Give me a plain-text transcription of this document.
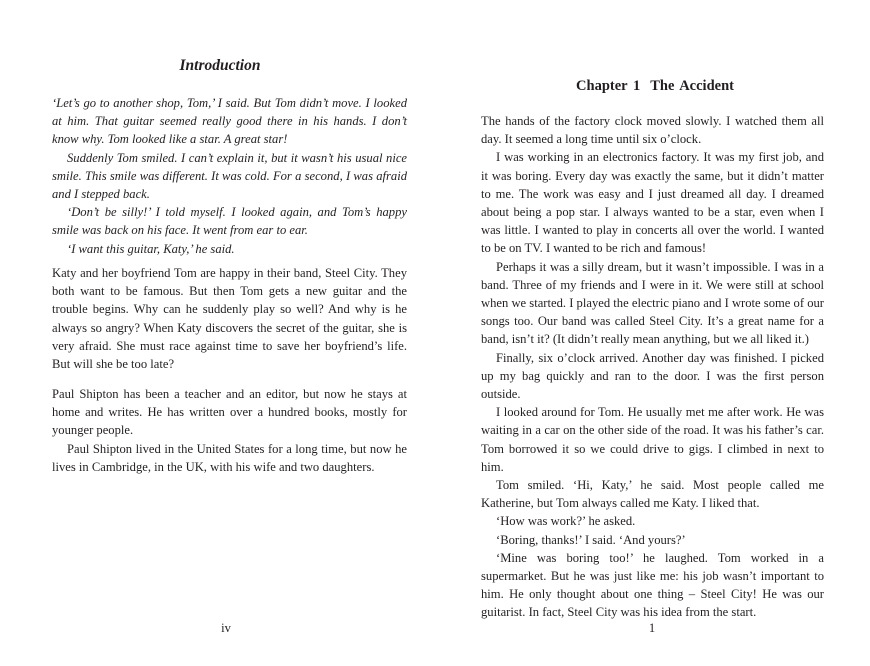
Introduction

‘Let’s go to another shop, Tom,’ I said. But Tom didn’t move. I looked at him. That guitar seemed really good there in his hands. I don’t know why. Tom looked like a star. A great star!

Suddenly Tom smiled. I can’t explain it, but it wasn’t his usual nice smile. This smile was different. It was cold. For a second, I was afraid and I stepped back.

‘Don’t be silly!’ I told myself. I looked again, and Tom’s happy smile was back on his face. It went from ear to ear.

‘I want this guitar, Katy,’ he said.

Katy and her boyfriend Tom are happy in their band, Steel City. They both want to be famous. But then Tom gets a new guitar and the trouble begins. Why can he suddenly play so well? And why is he always so angry? When Katy discovers the secret of the guitar, she is very afraid. She must race against time to save her boyfriend’s life. But will she be too late?

Paul Shipton has been a teacher and an editor, but now he stays at home and writes. He has written over a hundred books, mostly for younger people.

Paul Shipton lived in the United States for a long time, but now he lives in Cambridge, in the UK, with his wife and two daughters.

iv

Chapter 1 The Accident

The hands of the factory clock moved slowly. I watched them all day. It seemed a long time until six o’clock.

I was working in an electronics factory. It was my first job, and it was boring. Every day was exactly the same, but it didn’t matter to me. The work was easy and I just dreamed all day. I dreamed about being a pop star. I always wanted to be a star, even when I was little. I wanted to play in concerts all over the world. I wanted to be on TV. I wanted to be rich and famous!

Perhaps it was a silly dream, but it wasn’t impossible. I was in a band. Three of my friends and I were in it. We were still at school when we started. I played the electric piano and I wrote some of our songs too. Our band was called Steel City. It’s a great name for a band, isn’t it? (It didn’t really mean anything, but we all liked it.)

Finally, six o’clock arrived. Another day was finished. I picked up my bag quickly and ran to the door. I was the first person outside.

I looked around for Tom. He usually met me after work. He was waiting in a car on the other side of the road. It was his father’s car. Tom borrowed it so we could drive to gigs. I climbed in next to him.

Tom smiled. ‘Hi, Katy,’ he said. Most people called me Katherine, but Tom always called me Katy. I liked that.

‘How was work?’ he asked.

‘Boring, thanks!’ I said. ‘And yours?’

‘Mine was boring too!’ he laughed. Tom worked in a supermarket. But he was just like me: his job wasn’t important to him. He only thought about one thing – Steel City! He was our guitarist. In fact, Steel City was his idea from the start.

1
